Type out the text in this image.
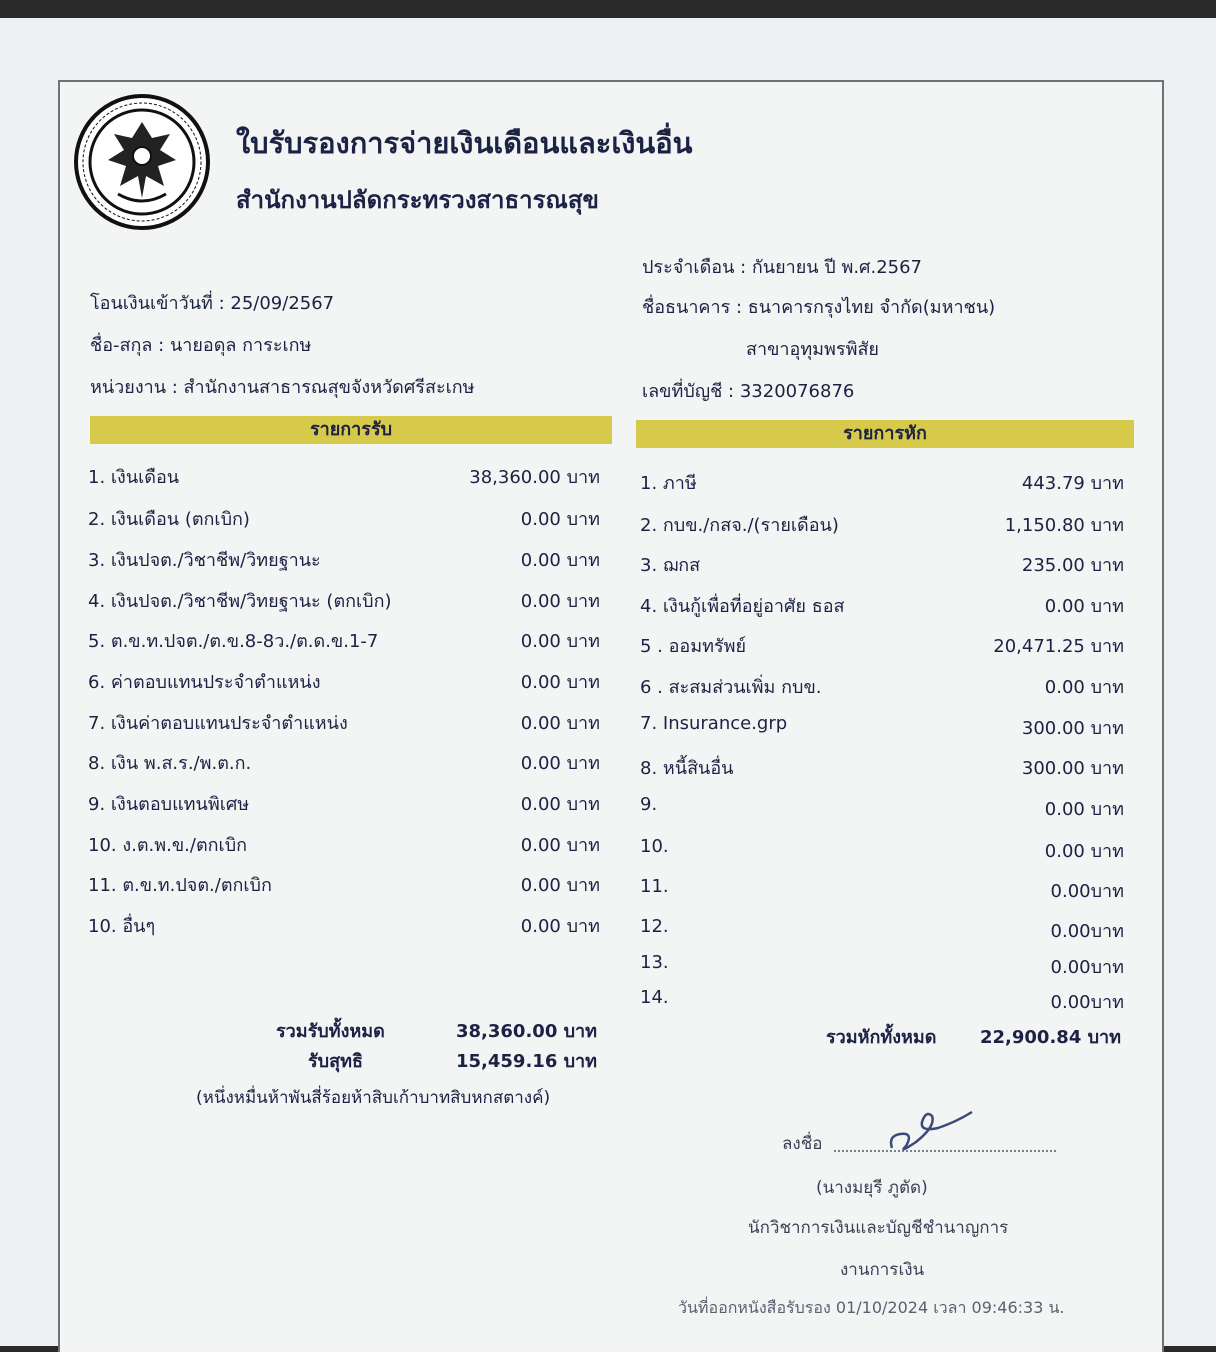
ใบรับรองการจ่ายเงินเดือนและเงินอื่น
สำนักงานปลัดกระทรวงสาธารณสุข
ประจำเดือน : กันยายน ปี พ.ศ.2567
โอนเงินเข้าวันที่ : 25/09/2567	ชื่อธนาคาร : ธนาคารกรุงไทย จำกัด(มหาชน)
ชื่อ-สกุล : นายอดุล การะเกษ	สาขาอุทุมพรพิสัย
หน่วยงาน : สำนักงานสาธารณสุขจังหวัดศรีสะเกษ	เลขที่บัญชี : 3320076876
รายการรับ	รายการหัก
1. เงินเดือน	38,360.00 บาท
2. เงินเดือน (ตกเบิก)	0.00 บาท
3. เงินปจต./วิชาชีพ/วิทยฐานะ	0.00 บาท
4. เงินปจต./วิชาชีพ/วิทยฐานะ (ตกเบิก)	0.00 บาท
5. ต.ข.ท.ปจต./ต.ข.8-8ว./ต.ด.ข.1-7	0.00 บาท
6. ค่าตอบแทนประจำตำแหน่ง	0.00 บาท
7. เงินค่าตอบแทนประจำตำแหน่ง	0.00 บาท
8. เงิน พ.ส.ร./พ.ต.ก.	0.00 บาท
9. เงินตอบแทนพิเศษ	0.00 บาท
10. ง.ต.พ.ข./ตกเบิก	0.00 บาท
11. ต.ข.ท.ปจต./ตกเบิก	0.00 บาท
10. อื่นๆ	0.00 บาท
1. ภาษี	443.79 บาท
2. กบข./กสจ./(รายเดือน)	1,150.80 บาท
3. ฌกส	235.00 บาท
4. เงินกู้เพื่อที่อยู่อาศัย ธอส	0.00 บาท
5 . ออมทรัพย์	20,471.25 บาท
6 . สะสมส่วนเพิ่ม กบข.	0.00 บาท
7. Insurance.grp	300.00 บาท
8. หนี้สินอื่น	300.00 บาท
9.	0.00 บาท
10.	0.00 บาท
11.	0.00บาท
12.	0.00บาท
13.	0.00บาท
14.	0.00บาท
รวมรับทั้งหมด	38,360.00 บาท
รับสุทธิ	15,459.16 บาท
(หนึ่งหมื่นห้าพันสี่ร้อยห้าสิบเก้าบาทสิบหกสตางค์)
รวมหักทั้งหมด 22,900.84 บาท
ลงชื่อ
(นางมยุรี ภูตัด)
นักวิชาการเงินและบัญชีชำนาญการ
งานการเงิน
วันที่ออกหนังสือรับรอง 01/10/2024 เวลา 09:46:33 น.
